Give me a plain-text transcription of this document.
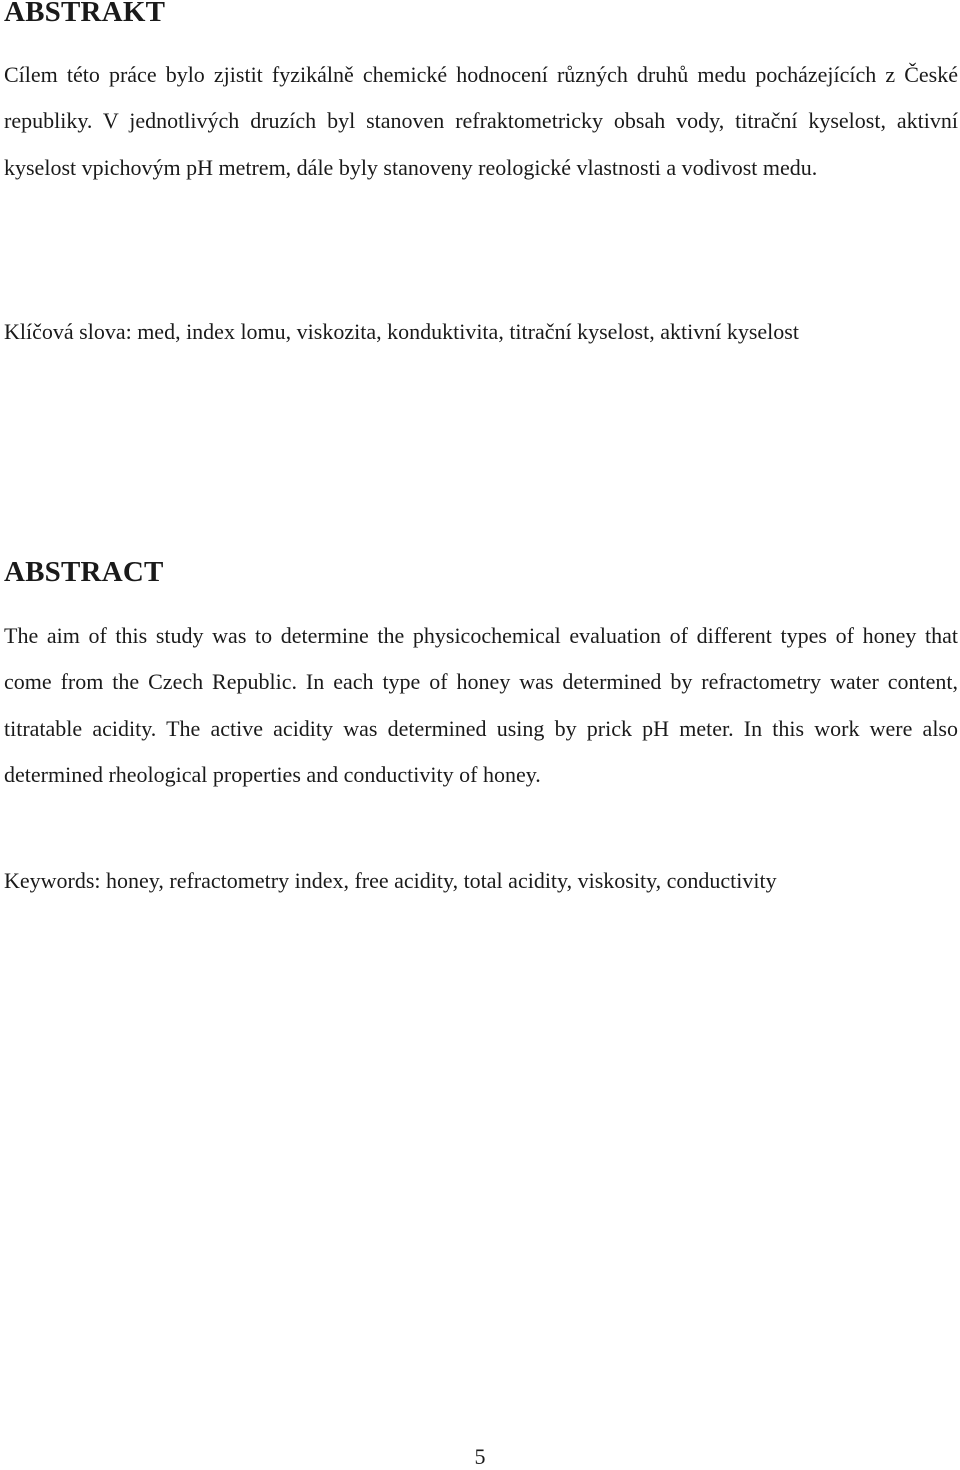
ABSTRAKT

Cílem této práce bylo zjistit fyzikálně chemické hodnocení různých druhů medu pocházejících z České republiky. V jednotlivých druzích byl stanoven refraktometricky obsah vody, titrační kyselost, aktivní kyselost vpichovým pH metrem, dále byly stanoveny reologické vlastnosti a vodivost medu.

Klíčová slova: med, index lomu, viskozita, konduktivita, titrační kyselost, aktivní kyselost

ABSTRACT

The aim of this study was to determine the physicochemical evaluation of different types of honey that come from the Czech Republic. In each type of honey was determined by refractometry water content, titratable acidity. The active acidity was determined using by prick pH meter. In this work were also determined rheological properties and conductivity of honey.

Keywords: honey, refractometry index, free acidity, total acidity, viskosity, conductivity

5
